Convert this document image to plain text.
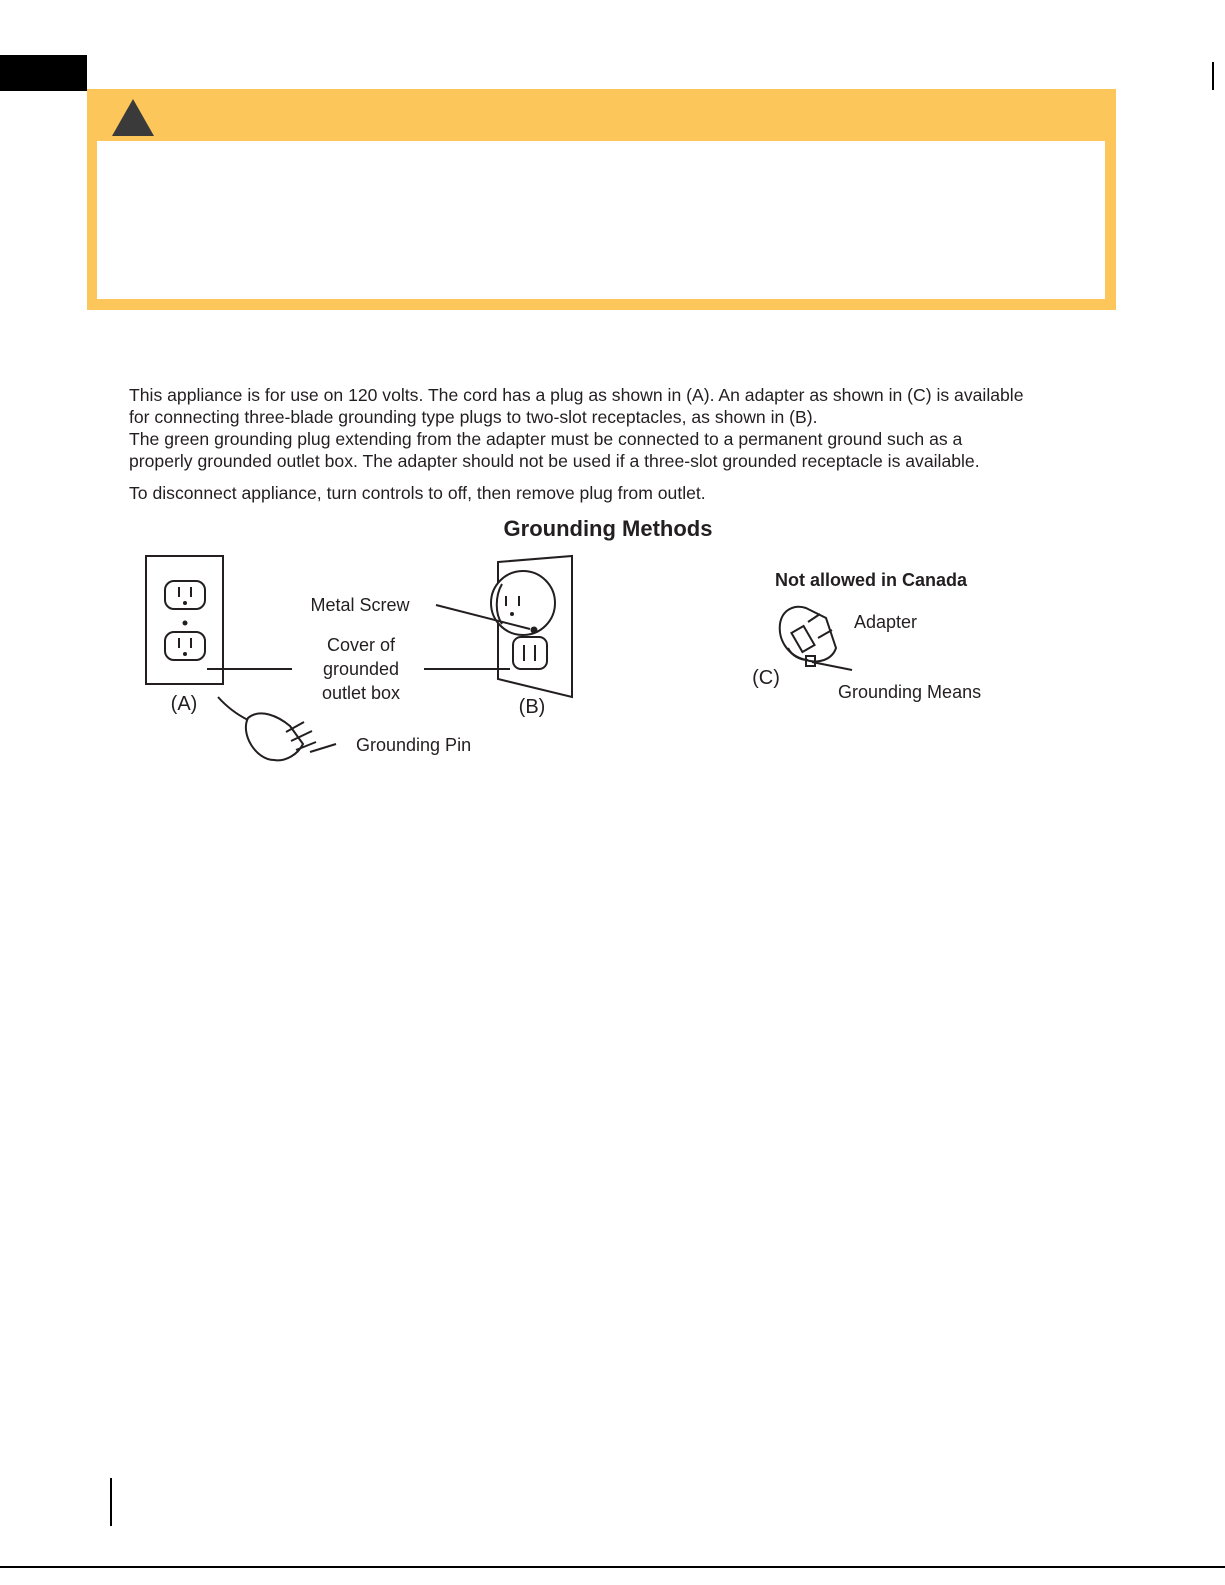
This appliance is for use on 120 volts. The cord has a plug as shown in (A). An adapter as shown in (C) is available

for connecting three-blade grounding type plugs to two-slot receptacles, as shown in (B).

The green grounding plug extending from the adapter must be connected to a permanent ground such as a

properly grounded outlet box. The adapter should not be used if a three-slot grounded receptacle is available.

To disconnect appliance, turn controls to off, then remove plug from outlet.

Grounding Methods
Metal Screw
Cover of
grounded
outlet box
(A)	(B)
Grounding Pin
Not allowed in Canada
Adapter
(C)
Grounding Means
